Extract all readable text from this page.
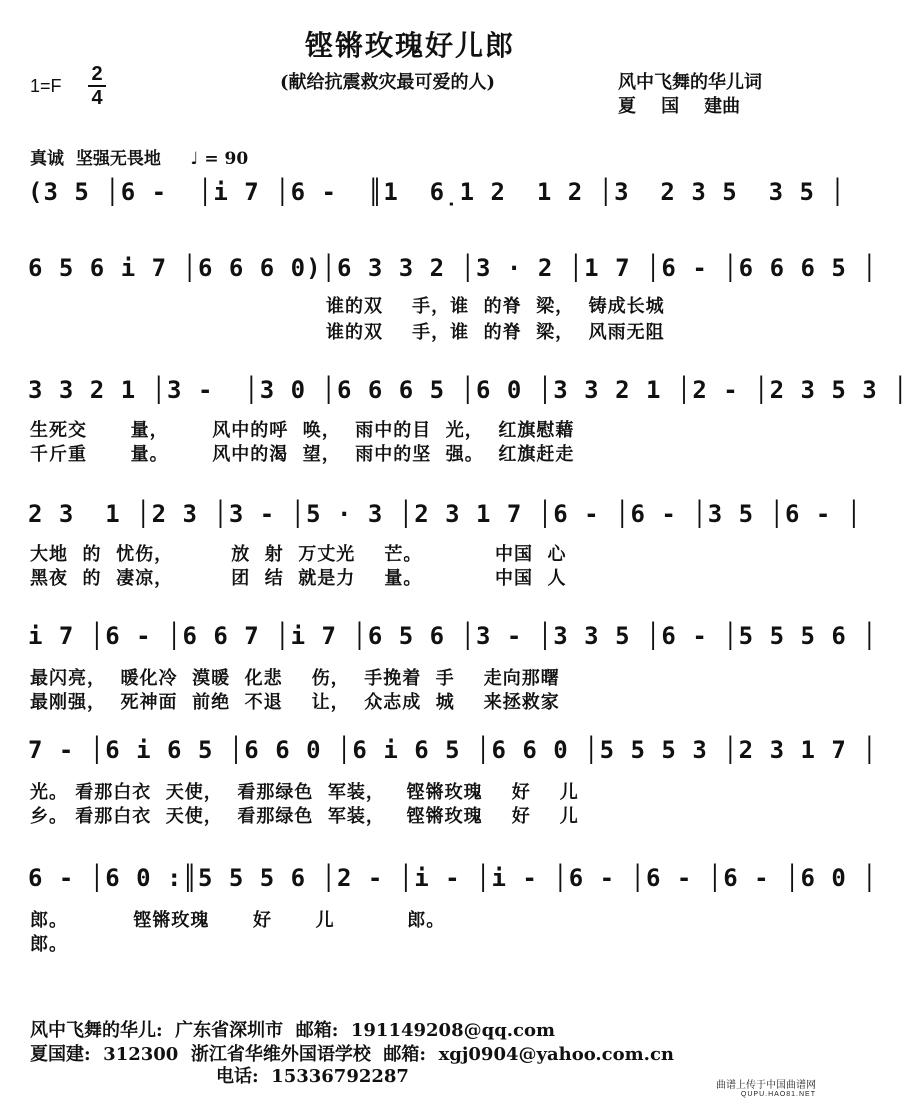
铿锵玫瑰好儿郎
1=F
2
4
(献给抗震救灾最可爱的人)	风中飞舞的华儿词
夏    国    建曲
真诚  坚强无畏地     ♩ = 90
(3 5 │6 -  │i 7 │6 -  ║1  6̣1 2  1 2 │3  2 3 5  3 5 │
6 5 6 i 7 │6 6 6 0)│6 3 3 2 │3 · 2 │1 7 │6 - │6 6 6 5 │
谁的双    手，谁  的脊  梁，  铸成长城
谁的双    手，谁  的脊  梁，  风雨无阻
3 3 2 1 │3 -  │3 0 │6 6 6 5 │6 0 │3 3 2 1 │2 - │2 3 5 3 │
生死交      量，      风中的呼  唤，  雨中的目  光，  红旗慰藉
千斤重      量。      风中的渴  望，  雨中的坚  强。  红旗赶走
2 3  1 │2 3 │3 - │5 · 3 │2 3 1 7 │6 - │6 - │3 5 │6 - │
大地  的  忧伤，        放  射  万丈光    芒。          中国  心
黑夜  的  凄凉，        团  结  就是力    量。          中国  人
i 7 │6 - │6 6 7 │i 7 │6 5 6 │3 - │3 3 5 │6 - │5 5 5 6 │
最闪亮，  暖化冷  漠暖  化悲    伤，  手挽着  手    走向那曙
最刚强，  死神面  前绝  不退    让，  众志成  城    来拯救家
7 - │6 i 6 5 │6 6 0 │6 i 6 5 │6 6 0 │5 5 5 3 │2 3 1 7 │
光。 看那白衣  天使，  看那绿色  军装，   铿锵玫瑰    好    儿
乡。 看那白衣  天使，  看那绿色  军装，   铿锵玫瑰    好    儿
6 - │6 0 :║5 5 5 6 │2 - │i - │i - │6 - │6 - │6 - │6 0 │
郎。         铿锵玫瑰      好      儿          郎。
郎。
风中飞舞的华儿:  广东省深圳市  邮箱:  191149208@qq.com
夏国建:  312300  浙江省华维外国语学校  邮箱:  xgj0904@yahoo.com.cn
电话:  15336792287	曲谱上传于中国曲谱网
QUPU.HAO81.NET
